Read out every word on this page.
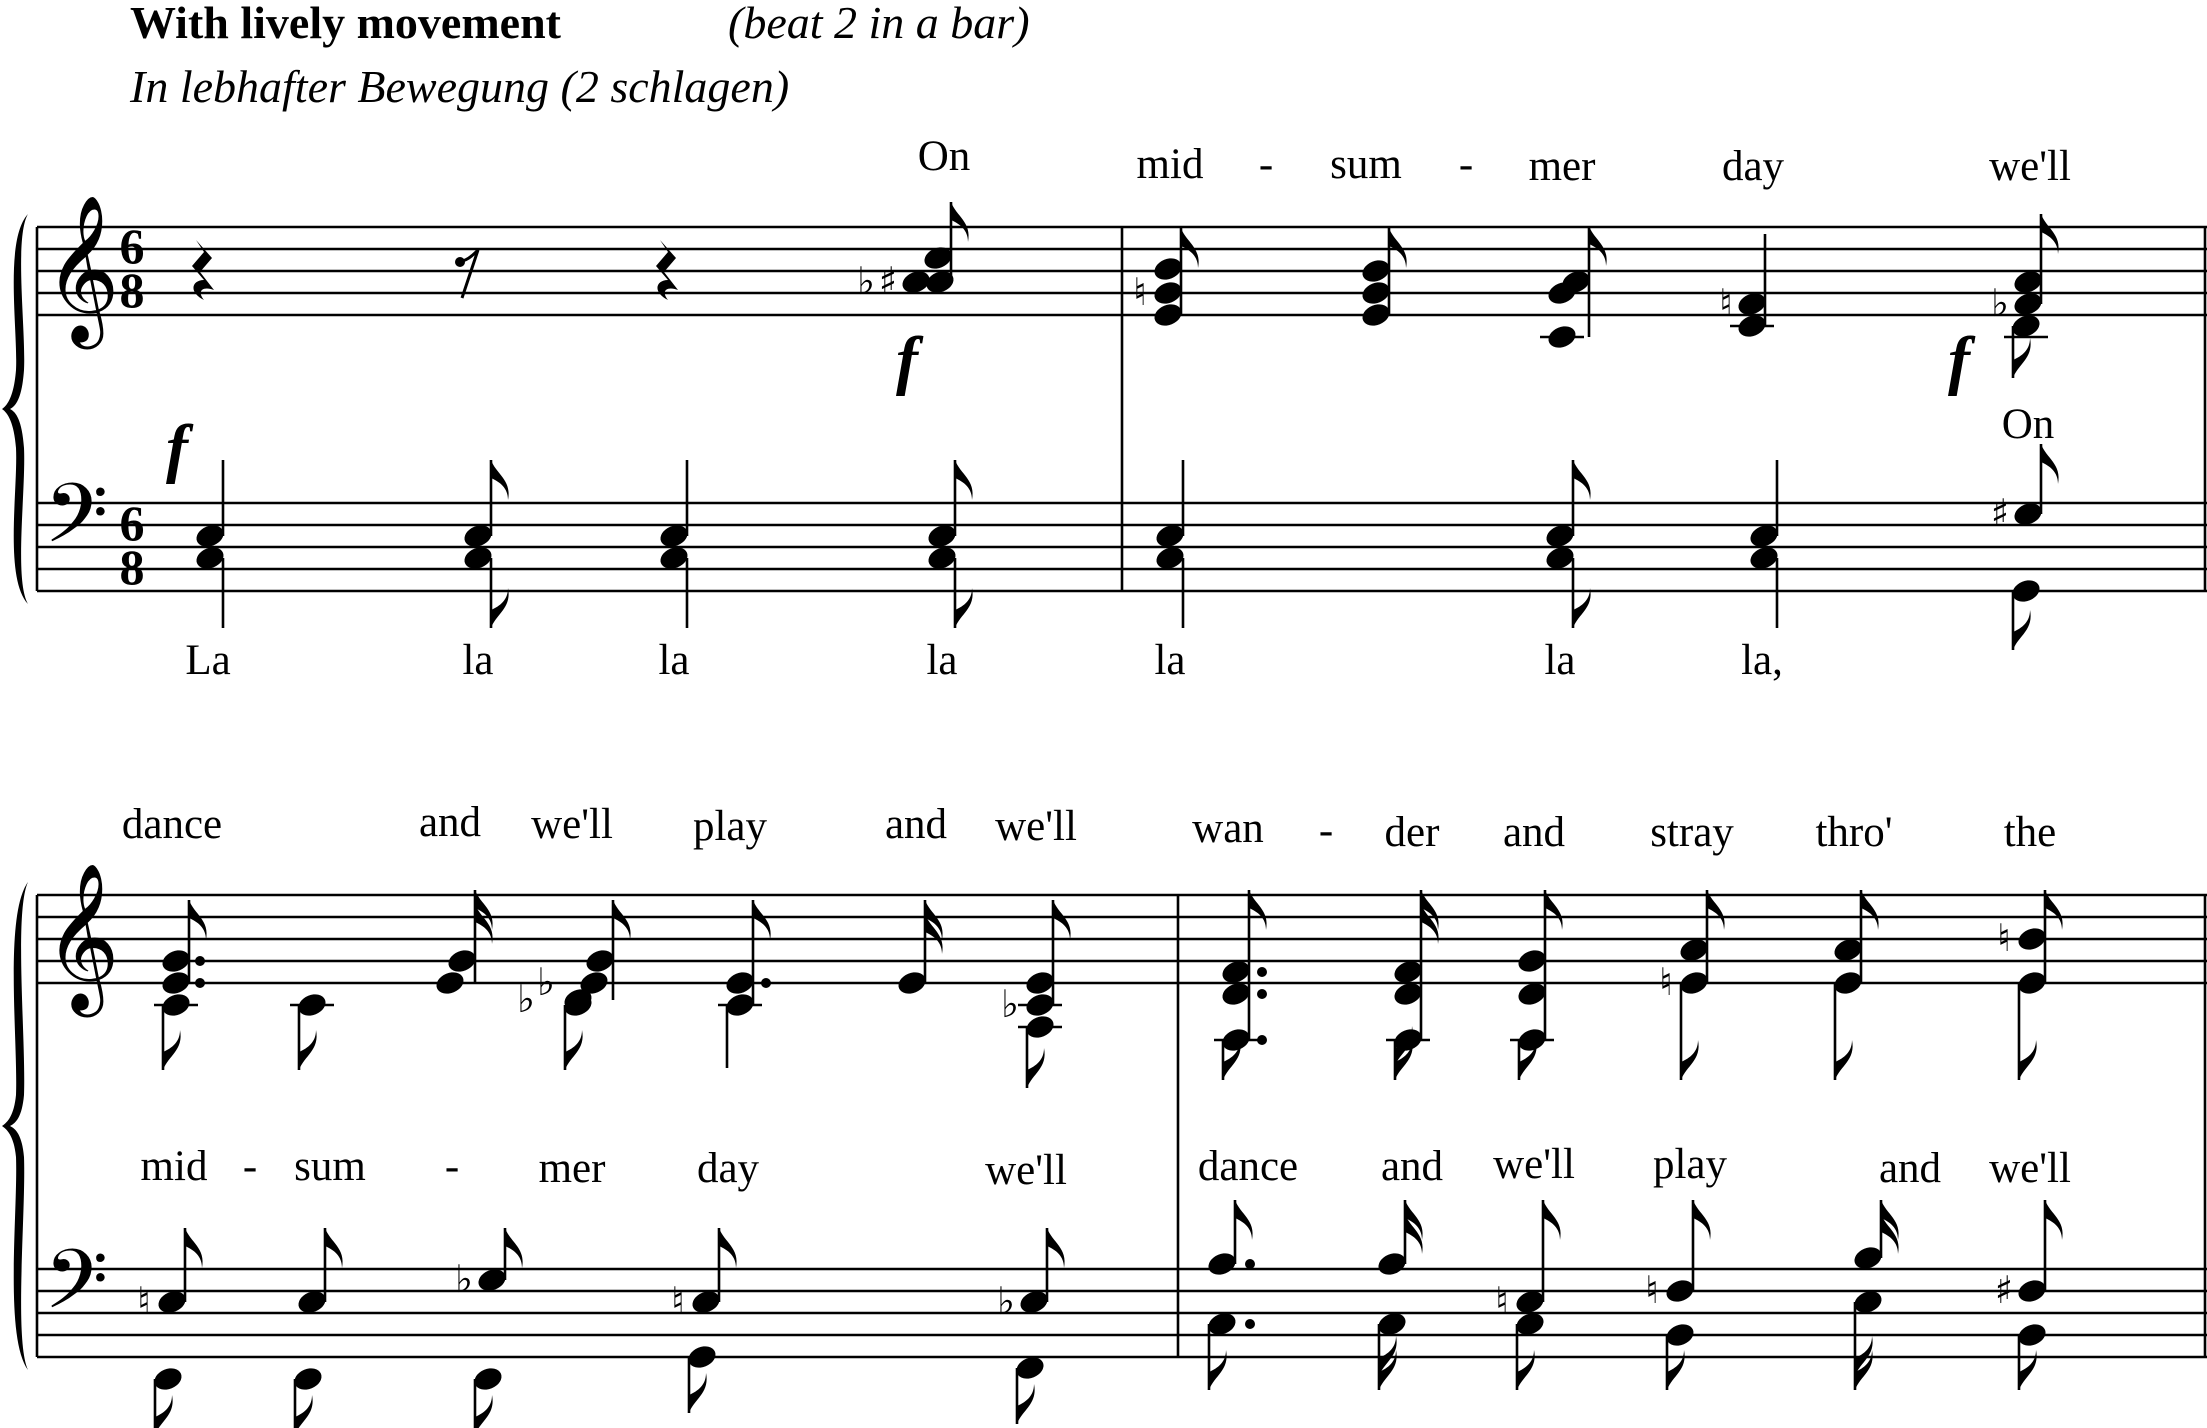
With lively movement	(beat 2 in a bar)
In lebhafter Bewegung (2 schlagen)
𝄞
𝄢
6
8
6
8
♯
♭	♮	♮	♭
♯
f	f
f
On	mid - sum - mer	day	we'll
On
La	la	la	la	la	la	la,
𝄞
𝄢
♭
♭	♭	♮
♮
♮	♭	♮	♭	♮	♮	♯
dance	and we'll play	and we'll	wan - der and stray thro'	the
mid - sum - mer day	we'll	dance and we'll play	and we'll
